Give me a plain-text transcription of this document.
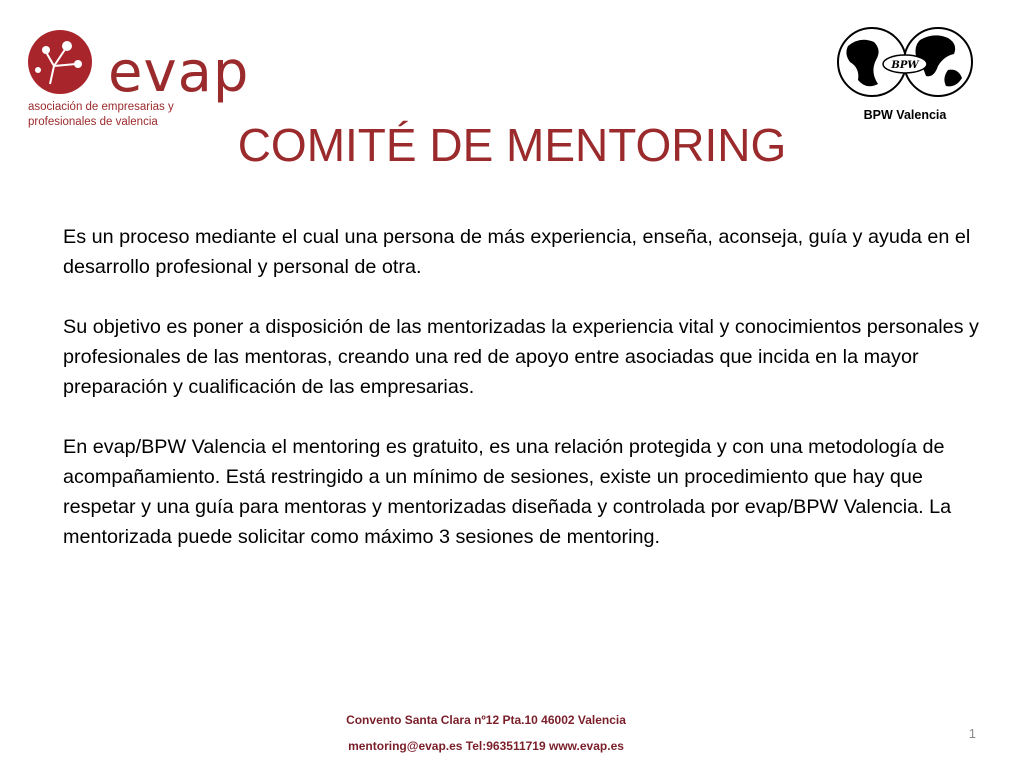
evap
asociación de empresarias y
profesionales de valencia
BPW
BPW Valencia
COMITÉ DE MENTORING

Es un proceso mediante el cual una persona de más experiencia, enseña, aconseja, guía y ayuda en el desarrollo profesional y personal de otra.

Su objetivo es poner a disposición de las mentorizadas la experiencia vital y conocimientos personales y profesionales de las mentoras, creando una red de apoyo entre asociadas que incida en la mayor preparación y cualificación de las empresarias.

En evap/BPW Valencia el mentoring es gratuito, es una relación protegida y con una metodología de acompañamiento. Está restringido a un mínimo de sesiones, existe un procedimiento que hay que respetar y una guía para mentoras y mentorizadas diseñada y controlada por evap/BPW Valencia. La mentorizada puede solicitar como máximo 3 sesiones de mentoring.

Convento Santa Clara nº12 Pta.10 46002 Valencia
mentoring@evap.es Tel:963511719 www.evap.es
1
